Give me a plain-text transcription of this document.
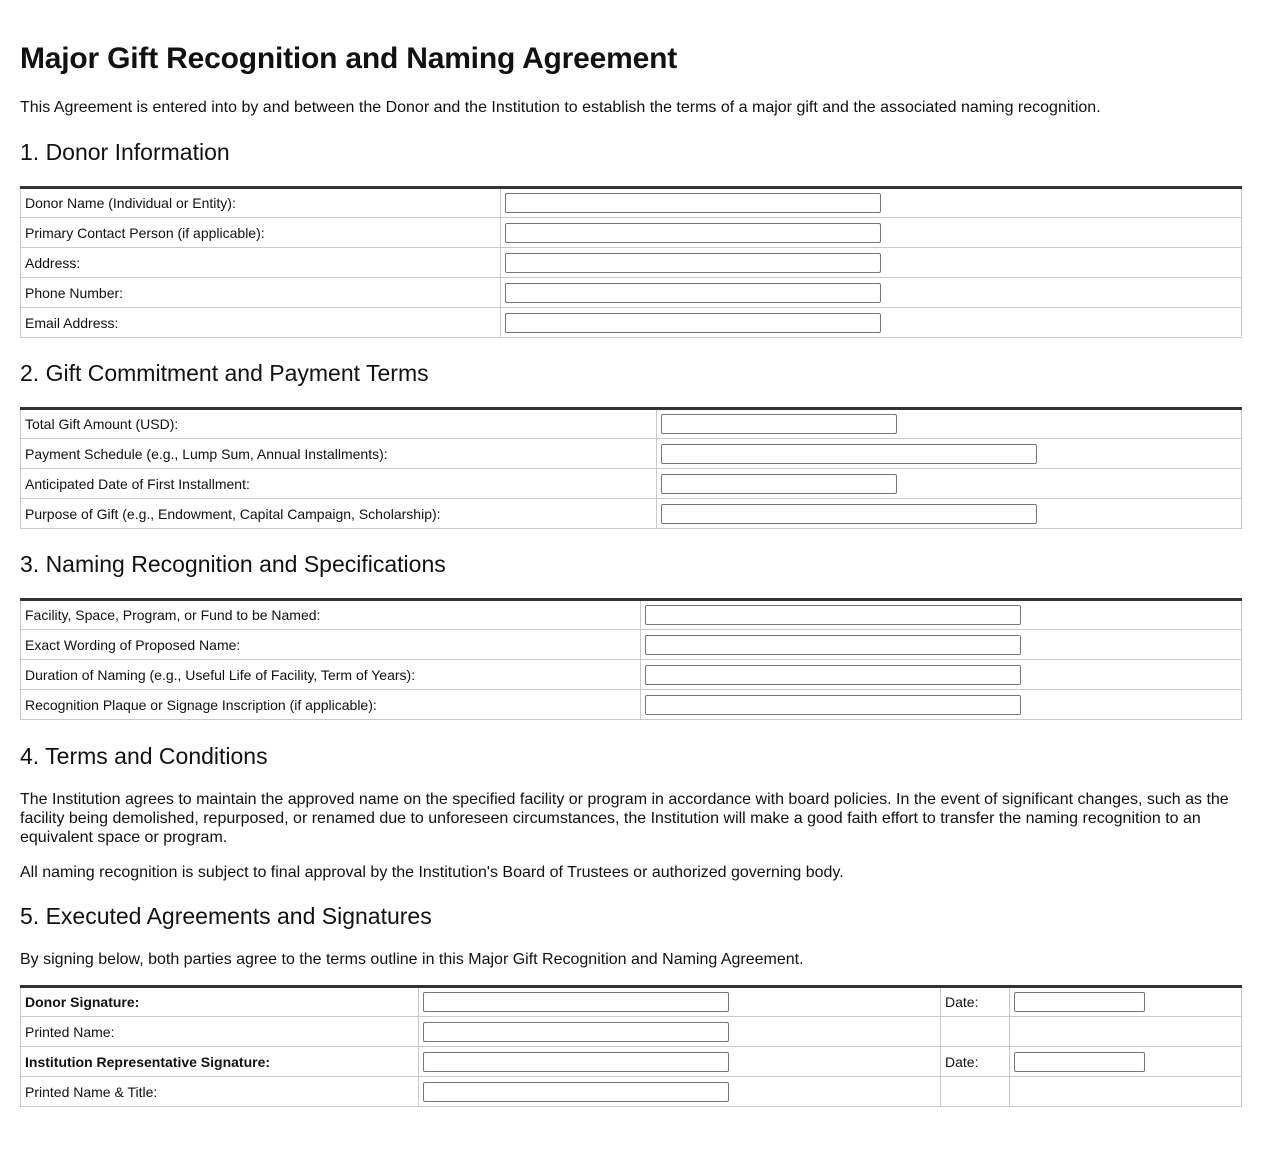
Major Gift Recognition and Naming Agreement

This Agreement is entered into by and between the Donor and the Institution to establish the terms of a major gift and the associated naming recognition.

1. Donor Information
Donor Name (Individual or Entity):	

Primary Contact Person (if applicable):	

Address:	

Phone Number:	

Email Address:	
2. Gift Commitment and Payment Terms
Total Gift Amount (USD):	

Payment Schedule (e.g., Lump Sum, Annual Installments):	

Anticipated Date of First Installment:	

Purpose of Gift (e.g., Endowment, Capital Campaign, Scholarship):	
3. Naming Recognition and Specifications
Facility, Space, Program, or Fund to be Named:	

Exact Wording of Proposed Name:	

Duration of Naming (e.g., Useful Life of Facility, Term of Years):	

Recognition Plaque or Signage Inscription (if applicable):	
4. Terms and Conditions

The Institution agrees to maintain the approved name on the specified facility or program in accordance with board policies. In the event of significant changes, such as the facility being demolished, repurposed, or renamed due to unforeseen circumstances, the Institution will make a good faith effort to transfer the naming recognition to an equivalent space or program.

All naming recognition is subject to final approval by the Institution's Board of Trustees or authorized governing body.

5. Executed Agreements and Signatures

By signing below, both parties agree to the terms outline in this Major Gift Recognition and Naming Agreement.

Donor Signature:		Date:	

Printed Name:	

Institution Representative Signature:		Date:	

Printed Name & Title:	
